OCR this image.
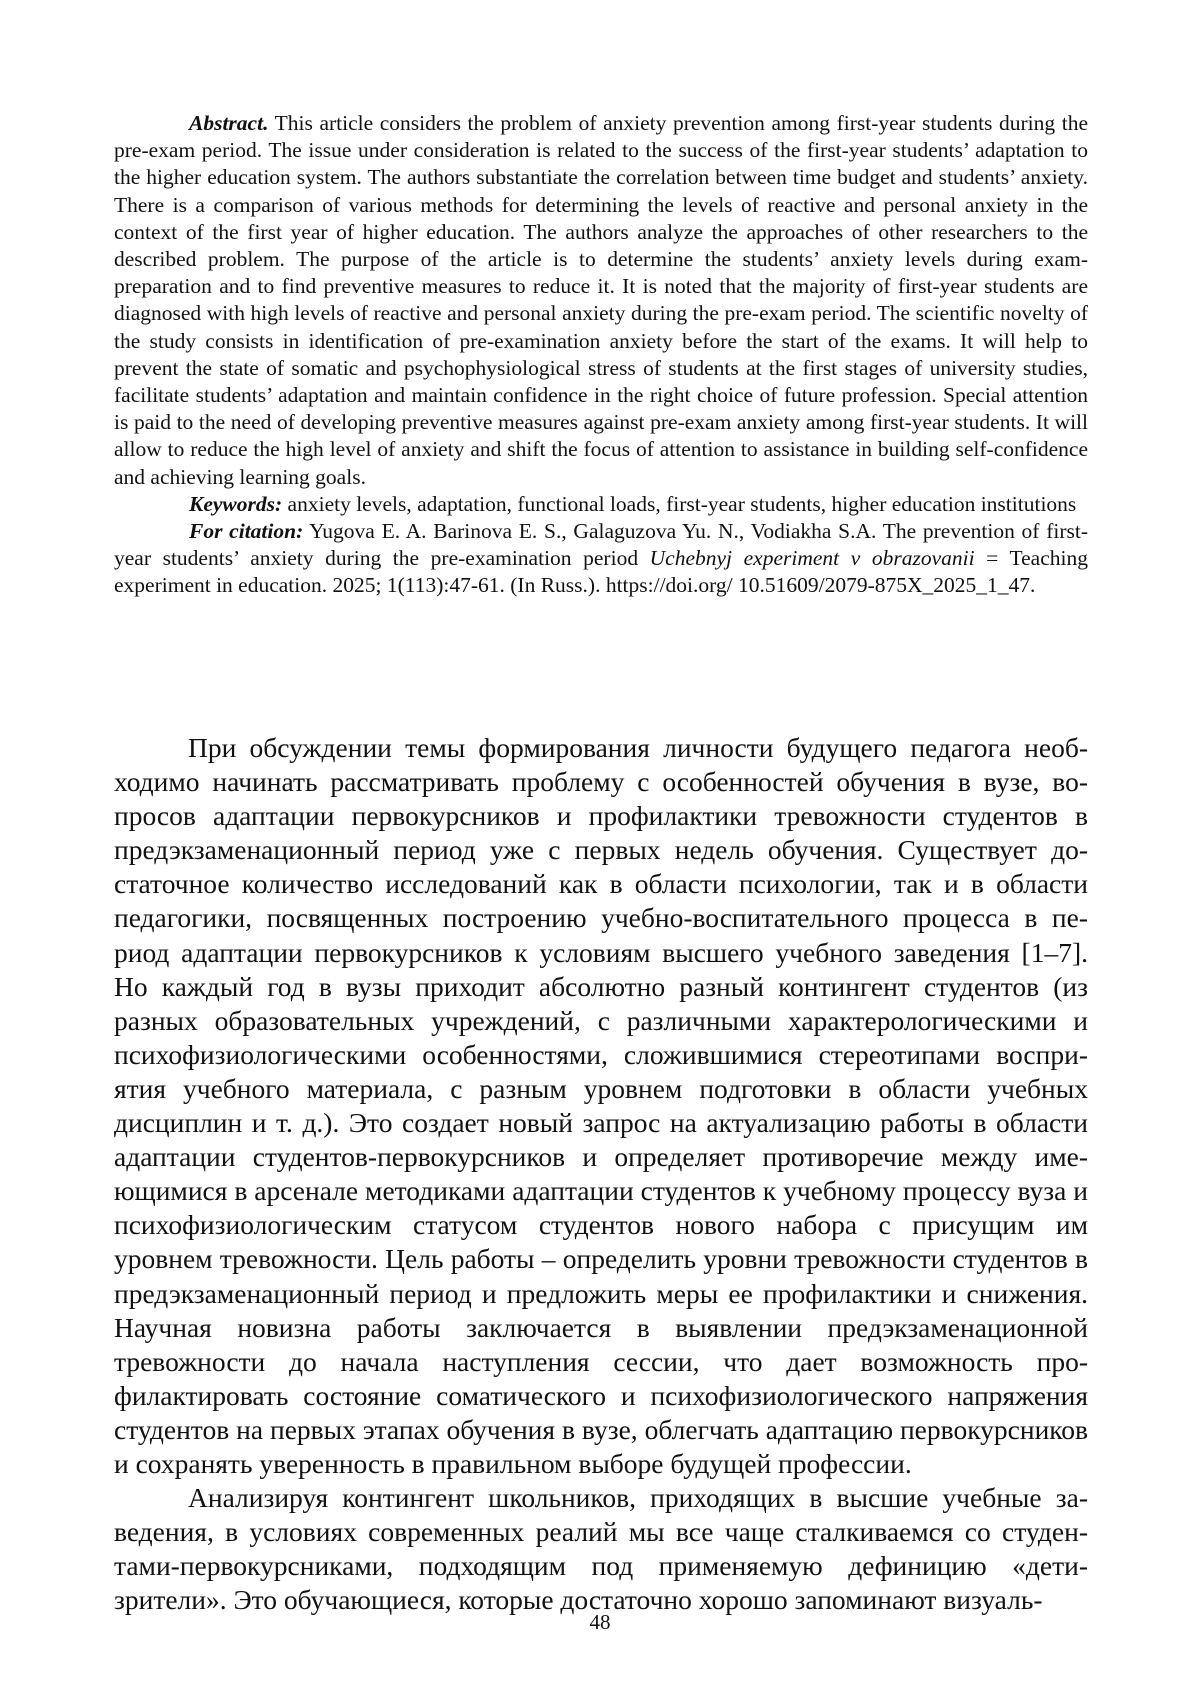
Abstract. This article considers the problem of anxiety prevention among first-year students during the pre-exam period. The issue under consideration is related to the success of the first-year students’ adaptation to the higher education system. The authors substantiate the correlation between time budget and students’ anxiety. There is a comparison of various methods for determining the levels of reactive and personal anxiety in the context of the first year of higher education. The authors analyze the approaches of other researchers to the described problem. The purpose of the article is to determine the students’ anxiety levels during exam-preparation and to find preventive measures to reduce it. It is noted that the majority of first-year students are diagnosed with high levels of reactive and personal anxiety during the pre-exam period. The scientific novelty of the study consists in identification of pre-examination anxiety before the start of the exams. It will help to prevent the state of somatic and psychophysiological stress of students at the first stages of university studies, facilitate students’ adaptation and maintain confidence in the right choice of future profession. Special attention is paid to the need of developing preventive measures against pre-exam anxiety among first-year students. It will allow to reduce the high level of anxiety and shift the focus of attention to assistance in building self-confidence and achieving learning goals.

Keywords: anxiety levels, adaptation, functional loads, first-year students, higher education institutions

For citation: Yugova E. A. Barinova E. S., Galaguzova Yu. N., Vodiakha S.A. The prevention of first-year students’ anxiety during the pre-examination period Uchebnyj experiment v obrazovanii = Teaching experiment in education. 2025; 1(113):47-61. (In Russ.). https://doi.org/ 10.51609/2079-875X_2025_1_47.

При обсуждении темы формирования личности будущего педагога необходимо начинать рассматривать проблему с особенностей обучения в вузе, вопросов адаптации первокурсников и профилактики тревожности студентов в предэкзаменационный период уже с первых недель обучения. Существует достаточное количество исследований как в области психологии, так и в области педагогики, посвященных построению учебно-воспитательного процесса в период адаптации первокурсников к условиям высшего учебного заведения [1–7]. Но каждый год в вузы приходит абсолютно разный контингент студентов (из разных образовательных учреждений, с различными характерологическими и психофизиологическими особенностями, сложившимися стереотипами восприятия учебного материала, с разным уровнем подготовки в области учебных дисциплин и т. д.). Это создает новый запрос на актуализацию работы в области адаптации студентов-первокурсников и определяет противоречие между имеющимися в арсенале методиками адаптации студентов к учебному процессу вуза и психофизиологическим статусом студентов нового набора с присущим им уровнем тревожности. Цель работы – определить уровни тревожности студентов в предэкзаменационный период и предложить меры ее профилактики и снижения. Научная новизна работы заключается в выявлении предэкзаменационной тревожности до начала наступления сессии, что дает возможность профилактировать состояние соматического и психофизиологического напряжения студентов на первых этапах обучения в вузе, облегчать адаптацию первокурсников и сохранять уверенность в правильном выборе будущей профессии.

Анализируя контингент школьников, приходящих в высшие учебные заведения, в условиях современных реалий мы все чаще сталкиваемся со студентами-первокурсниками, подходящим под применяемую дефиницию «дети-зрители». Это обучающиеся, которые достаточно хорошо запоминают визуаль-

48
